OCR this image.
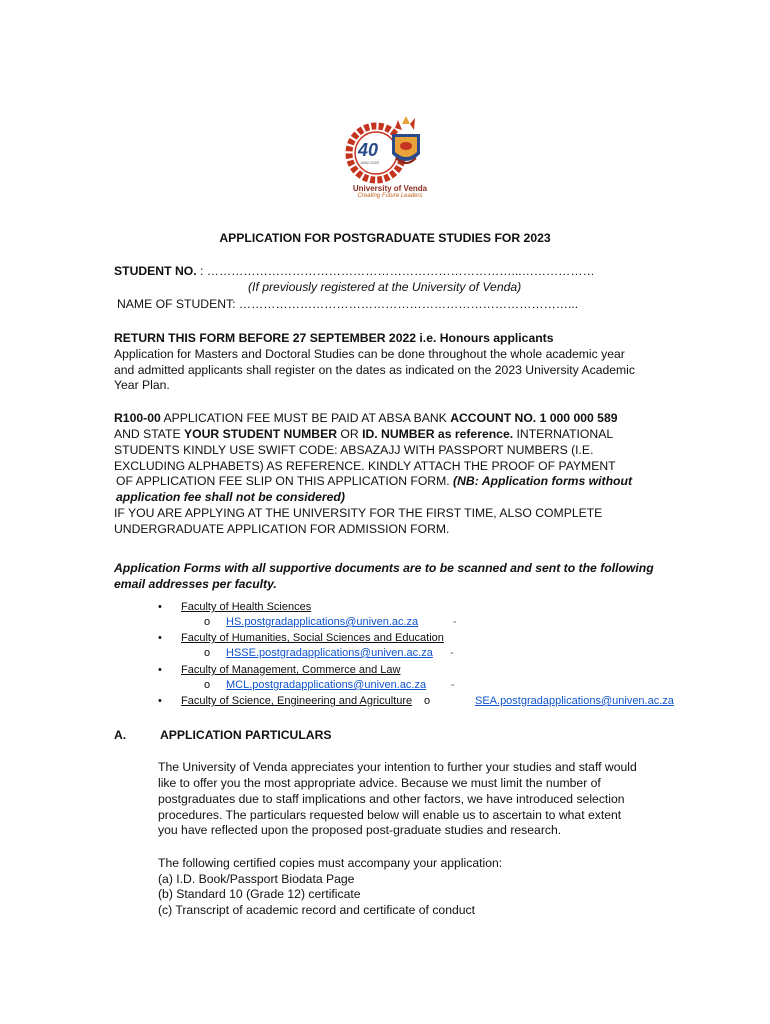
40
1982-2022
University of Venda
Creating Future Leaders
APPLICATION FOR POSTGRADUATE STUDIES FOR 2023
STUDENT NO. : …………………………………………………………………...………………
(If previously registered at the University of Venda)
NAME OF STUDENT: ………………………………………………………………………...
RETURN THIS FORM BEFORE 27 SEPTEMBER 2022 i.e. Honours applicants
Application for Masters and Doctoral Studies can be done throughout the whole academic year
and admitted applicants shall register on the dates as indicated on the 2023 University Academic
Year Plan.
R100-00 APPLICATION FEE MUST BE PAID AT ABSA BANK ACCOUNT NO. 1 000 000 589
AND STATE YOUR STUDENT NUMBER OR ID. NUMBER as reference. INTERNATIONAL
STUDENTS KINDLY USE SWIFT CODE: ABSAZAJJ WITH PASSPORT NUMBERS (I.E.
EXCLUDING ALPHABETS) AS REFERENCE. KINDLY ATTACH THE PROOF OF PAYMENT
OF APPLICATION FEE SLIP ON THIS APPLICATION FORM. (NB: Application forms without
application fee shall not be considered)
IF YOU ARE APPLYING AT THE UNIVERSITY FOR THE FIRST TIME, ALSO COMPLETE
UNDERGRADUATE APPLICATION FOR ADMISSION FORM.
Application Forms with all supportive documents are to be scanned and sent to the following
email addresses per faculty.
• Faculty of Health Sciences
o HS.postgradapplications@univen.ac.za	-
• Faculty of Humanities, Social Sciences and Education
o HSSE.postgradapplications@univen.ac.za -
• Faculty of Management, Commerce and Law
o MCL.postgradapplications@univen.ac.za -
• Faculty of Science, Engineering and Agriculture o	SEA.postgradapplications@univen.ac.za
A.	APPLICATION PARTICULARS
The University of Venda appreciates your intention to further your studies and staff would
like to offer you the most appropriate advice. Because we must limit the number of
postgraduates due to staff implications and other factors, we have introduced selection
procedures. The particulars requested below will enable us to ascertain to what extent
you have reflected upon the proposed post-graduate studies and research.
The following certified copies must accompany your application:
(a) I.D. Book/Passport Biodata Page
(b) Standard 10 (Grade 12) certificate
(c) Transcript of academic record and certificate of conduct
